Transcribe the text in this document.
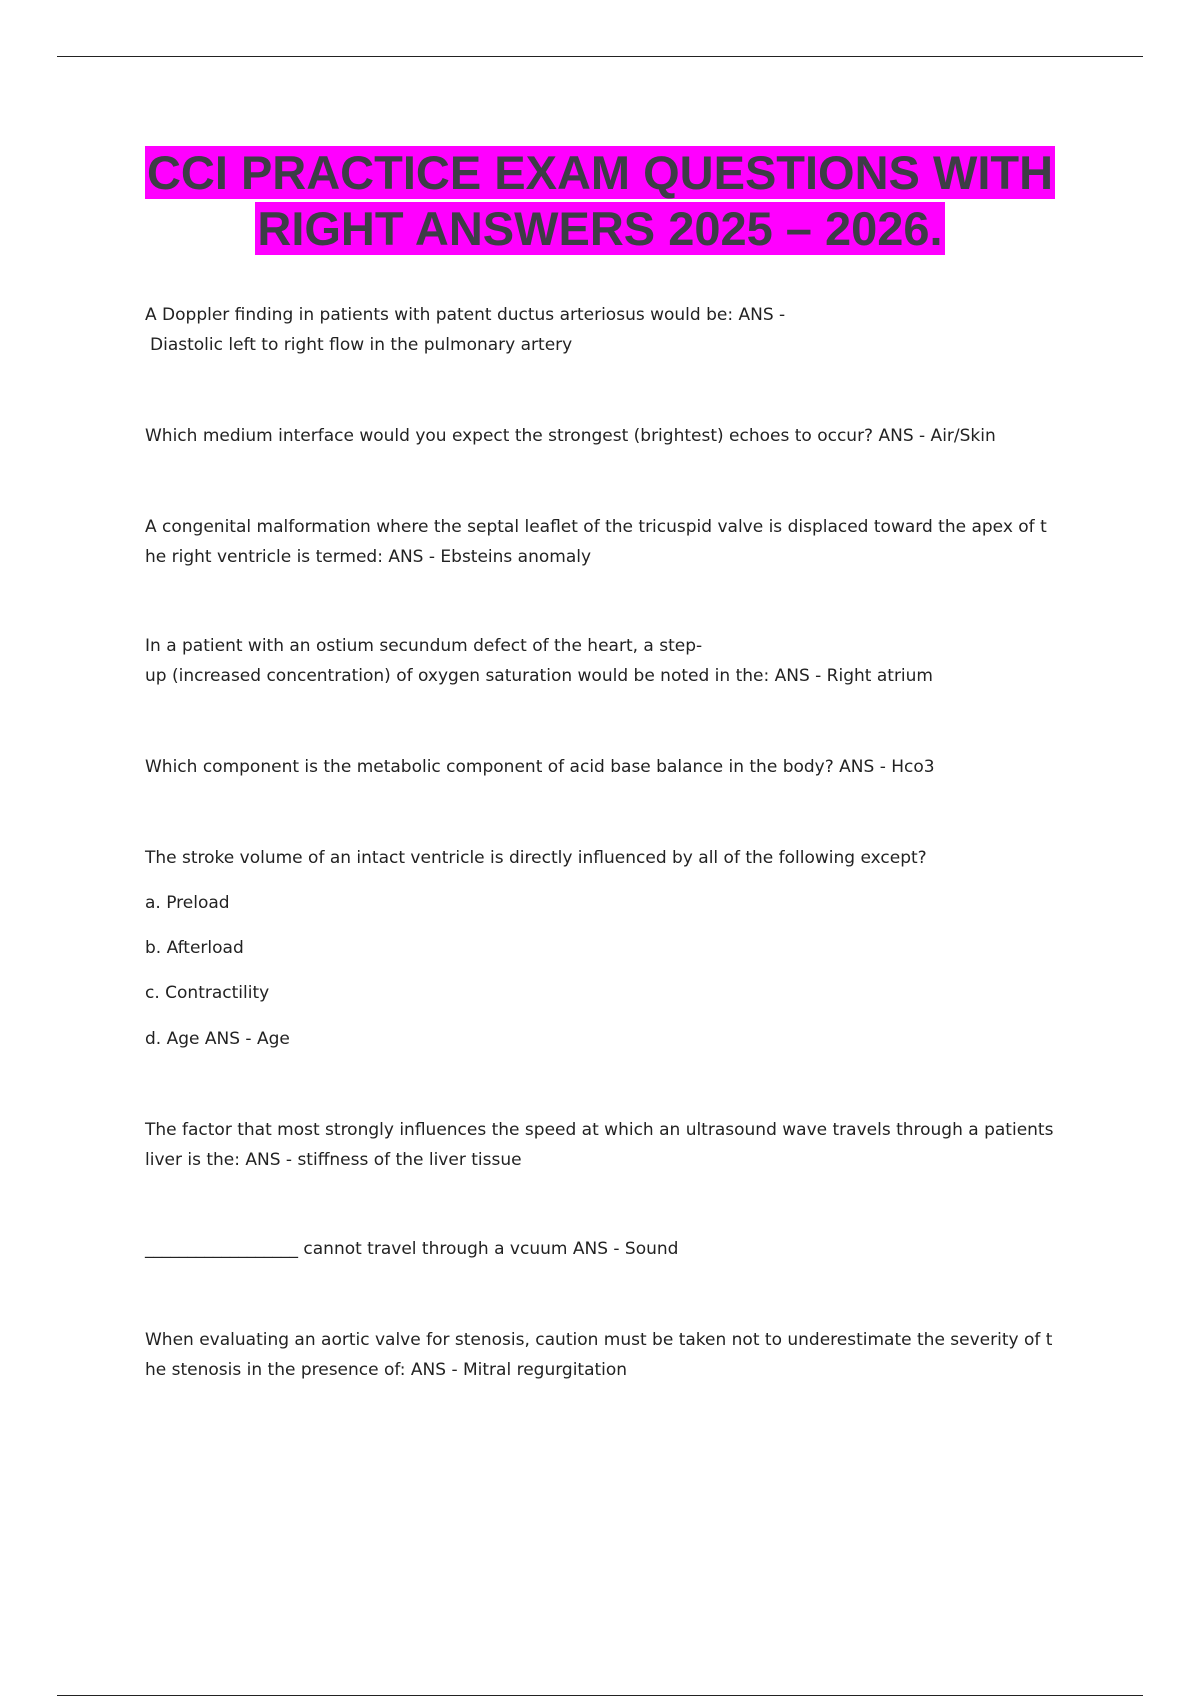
CCI PRACTICE EXAM QUESTIONS WITH
RIGHT ANSWERS 2025 – 2026.
A Doppler finding in patients with patent ductus arteriosus would be: ANS -
Diastolic left to right flow in the pulmonary artery
Which medium interface would you expect the strongest (brightest) echoes to occur? ANS - Air/Skin
A congenital malformation where the septal leaflet of the tricuspid valve is displaced toward the apex of t
he right ventricle is termed: ANS - Ebsteins anomaly
In a patient with an ostium secundum defect of the heart, a step-
up (increased concentration) of oxygen saturation would be noted in the: ANS - Right atrium
Which component is the metabolic component of acid base balance in the body? ANS - Hco3
The stroke volume of an intact ventricle is directly influenced by all of the following except?
a. Preload
b. Afterload
c. Contractility
d. Age ANS - Age
The factor that most strongly influences the speed at which an ultrasound wave travels through a patients
liver is the: ANS - stiffness of the liver tissue
__________________ cannot travel through a vcuum ANS - Sound
When evaluating an aortic valve for stenosis, caution must be taken not to underestimate the severity of t
he stenosis in the presence of: ANS - Mitral regurgitation
